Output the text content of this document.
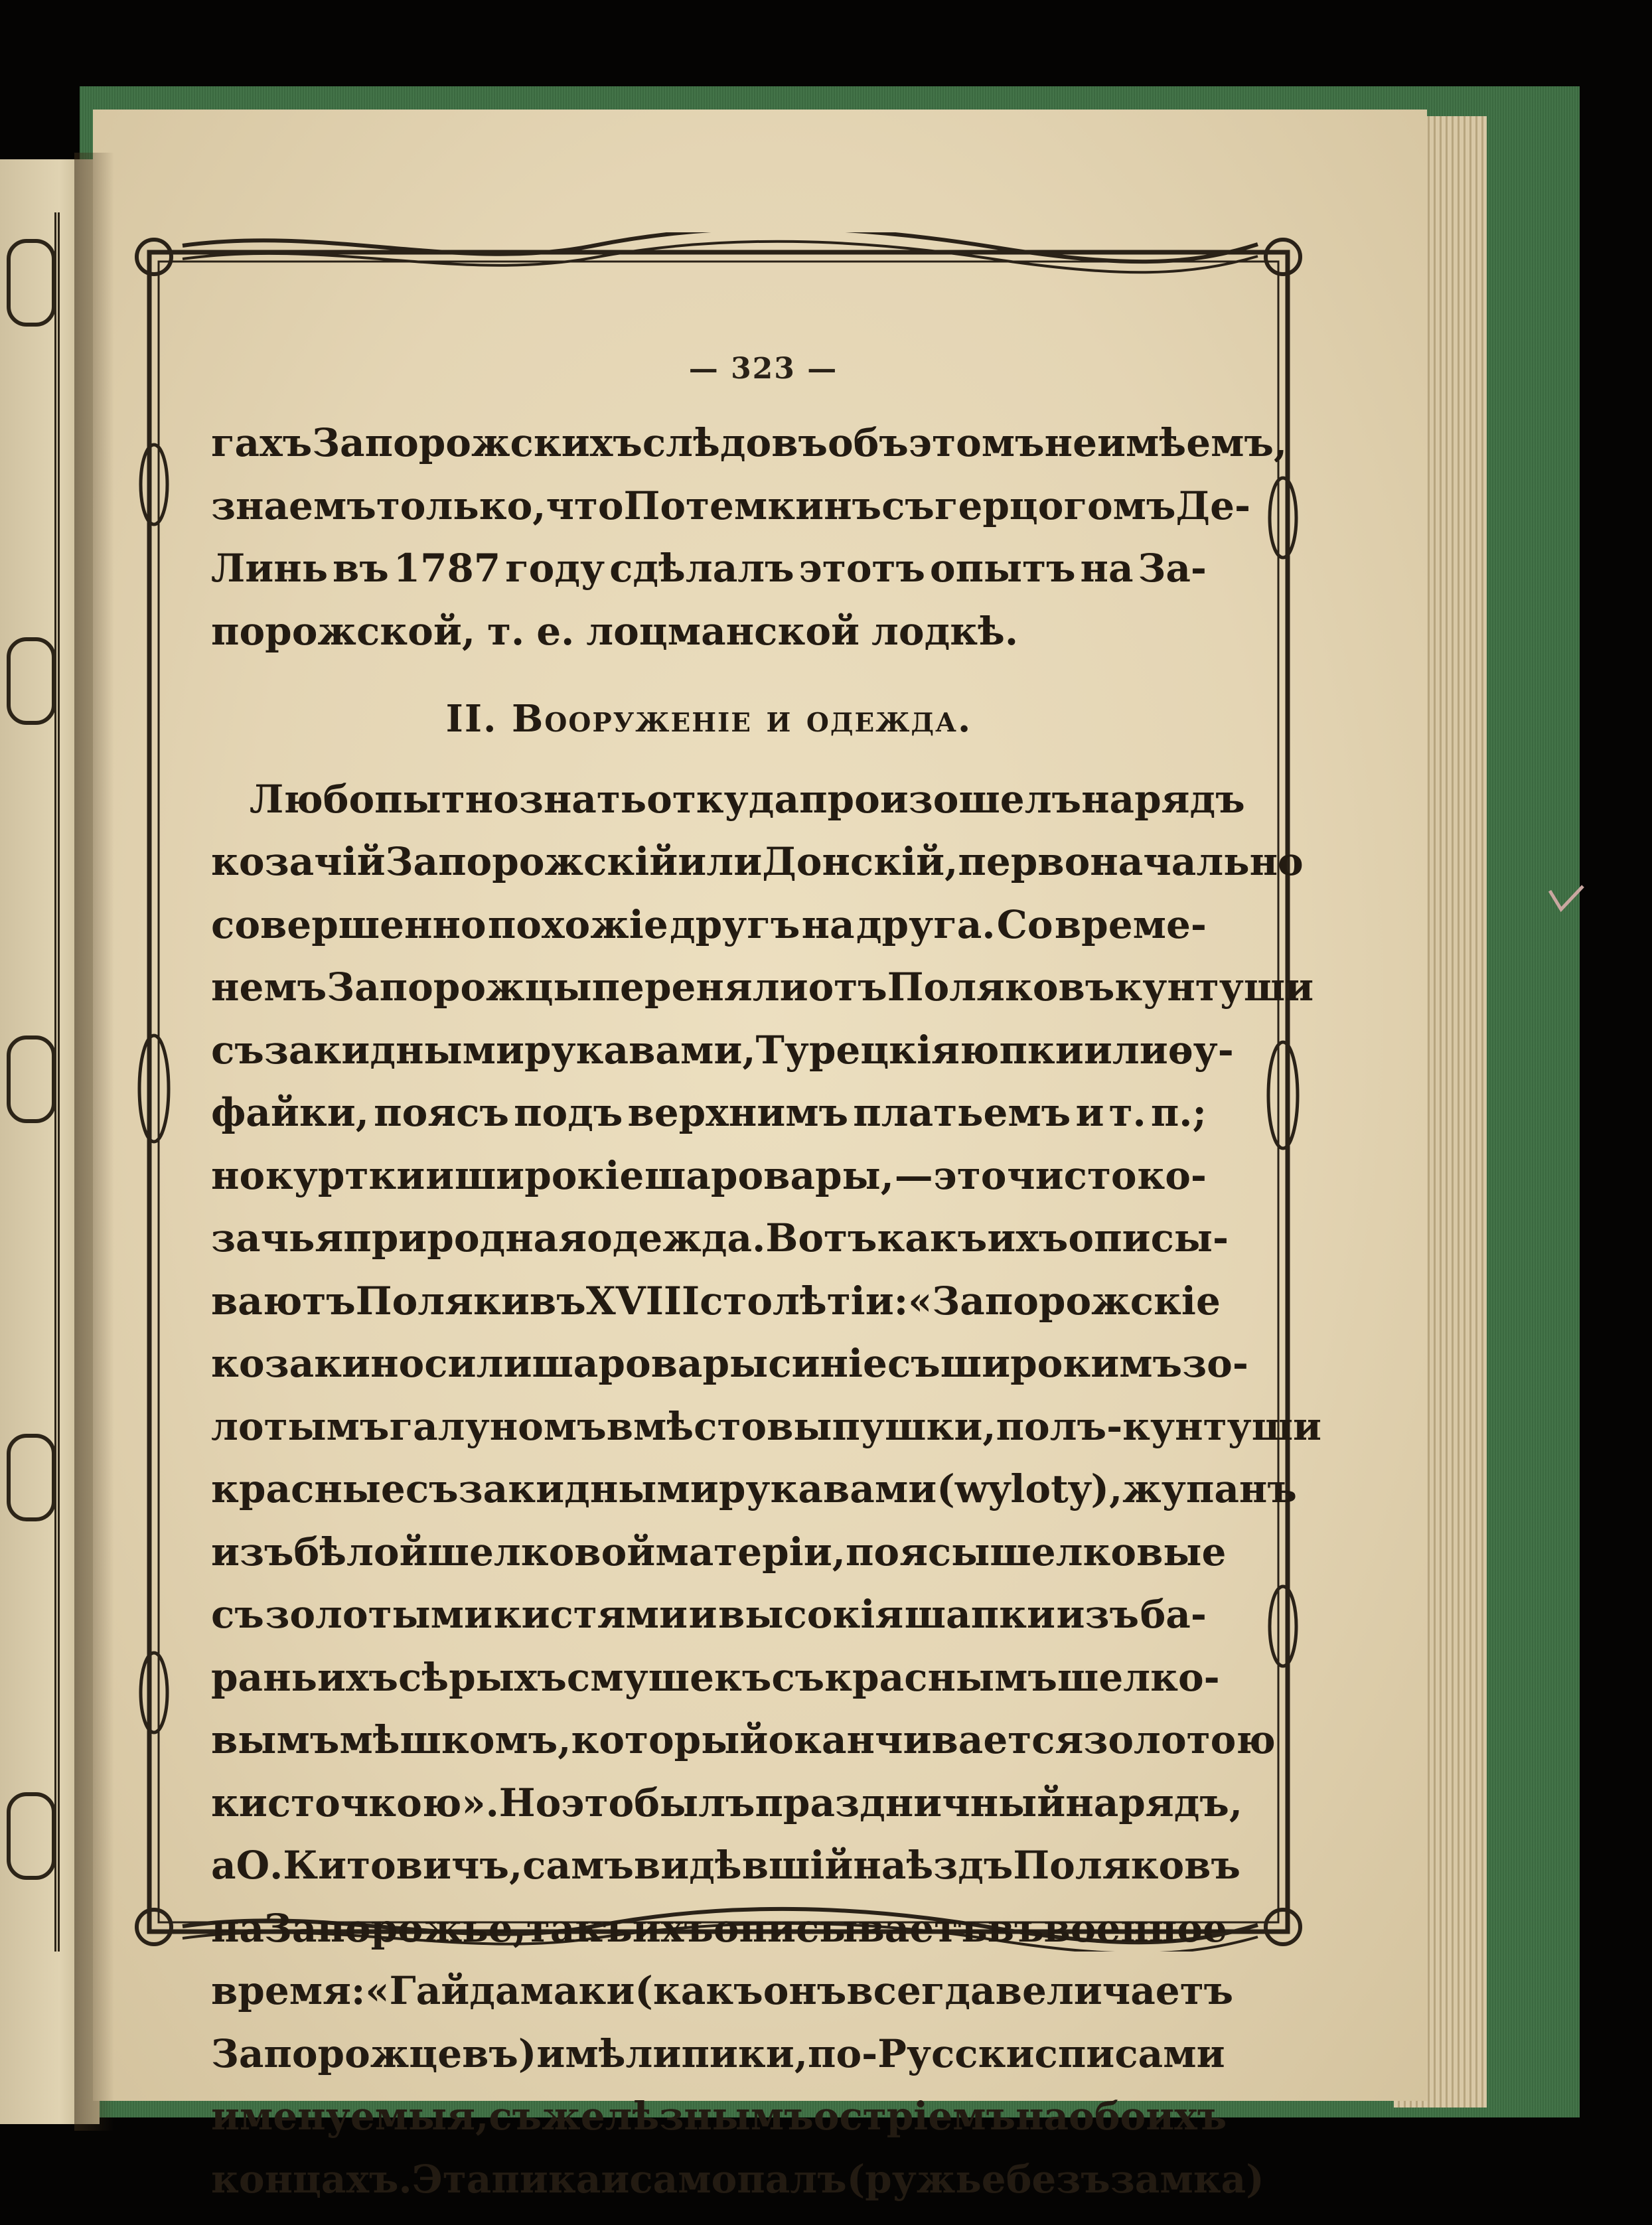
— 323 —
гахъ Запорожскихъ слѣдовъ объ этомъ не имѣемъ,
знаемъ только, что Потемкинъ съ герцогомъ Де-
Линь въ 1787 году сдѣлалъ этотъ опытъ на За-
порожской, т. е. лоцманской лодкѣ.
II. Вооруженіе и одежда.
Любопытно знать откуда произошелъ нарядъ
козачій Запорожскій или Донскій, первоначально
совершенно похожіе другъ на друга. Со време-
немъ Запорожцы переняли отъ Поляковъ кунтуши
съ закидными рукавами, Турецкія юпки или ѳу-
файки, поясъ подъ верхнимъ платьемъ и т. п.;
но куртки и широкіе шаровары, — это чисто ко-
зачья природная одежда. Вотъ какъ ихъ описы-
ваютъ Поляки въ XVIII столѣтіи: « Запорожскіе
козаки носили шаровары синіе съ широкимъ зо-
лотымъ галуномъ вмѣсто выпушки, полъ-кунтуши
красные съ закидными рукавами (wyloty), жупанъ
изъ бѣлой шелковой матеріи, поясы шелковые
съ золотыми кистями и высокія шапки изъ ба-
раньихъ сѣрыхъ смушекъ съ краснымъ шелко-
вымъ мѣшкомъ, который оканчивается золотою
кисточкою». Но это былъ праздничный нарядъ,
а О. Китовичъ, самъ видѣвшій наѣздъ Поляковъ
на Запорожье, такъ ихъ описываетъ въ военное
время: « Гайдамаки (какъ онъ всегда величаетъ
Запорожцевъ) имѣли пики, по-Русски списами
именуемыя, съ желѣзнымъ остріемъ на обоихъ
концахъ. Эта пика и самопалъ (ружье безъ замка)
